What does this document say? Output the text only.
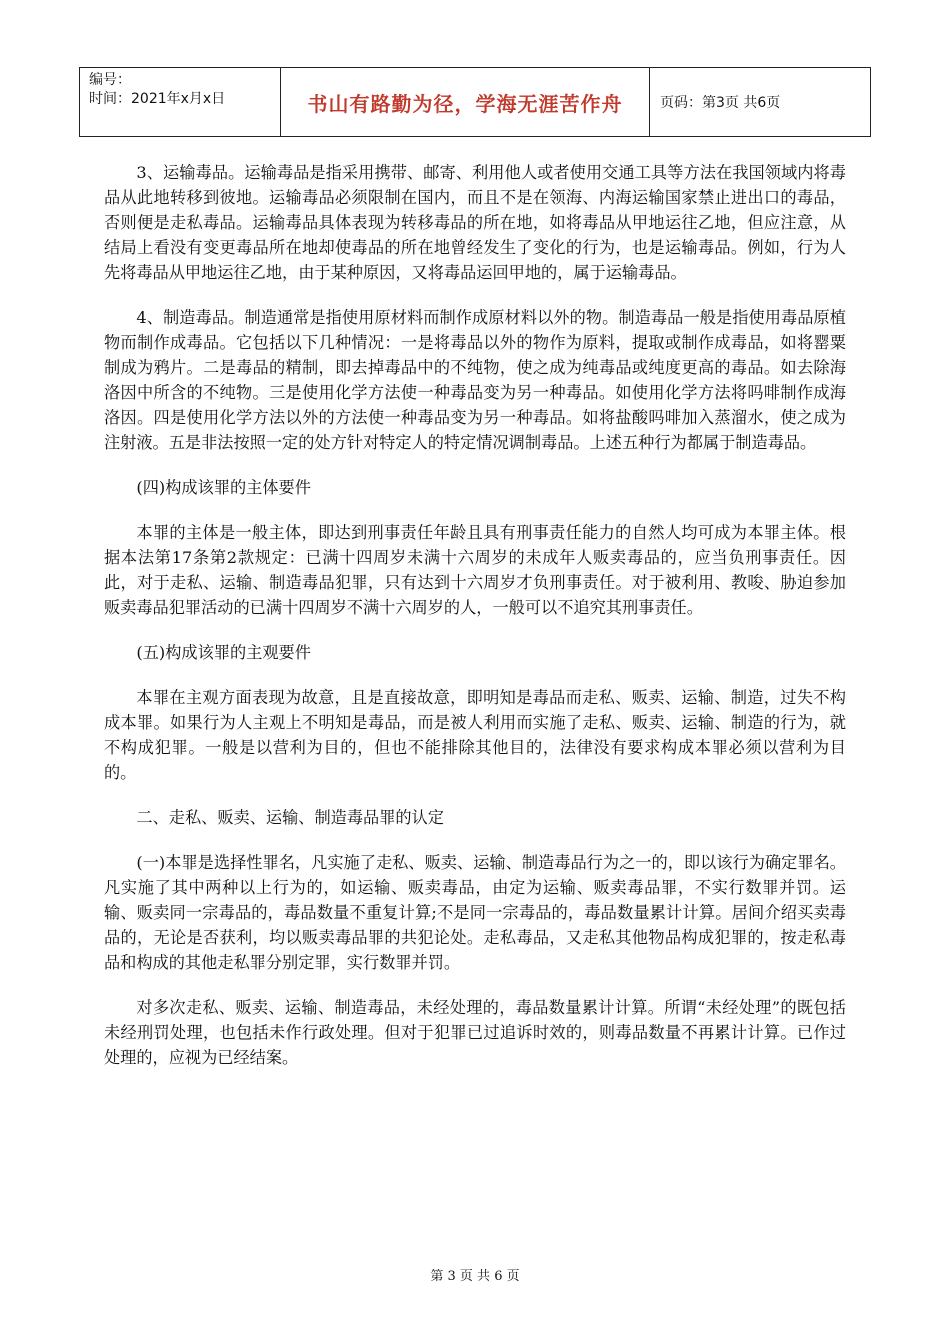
编号：
时间：2021年x月x日	书山有路勤为径，学海无涯苦作舟	页码：第3页 共6页

3、运输毒品。运输毒品是指采用携带、邮寄、利用他人或者使用交通工具等方法在我国领域内将毒品从此地转移到彼地。运输毒品必须限制在国内，而且不是在领海、内海运输国家禁止进出口的毒品，否则便是走私毒品。运输毒品具体表现为转移毒品的所在地，如将毒品从甲地运往乙地，但应注意，从结局上看没有变更毒品所在地却使毒品的所在地曾经发生了变化的行为，也是运输毒品。例如，行为人先将毒品从甲地运往乙地，由于某种原因，又将毒品运回甲地的，属于运输毒品。

4、制造毒品。制造通常是指使用原材料而制作成原材料以外的物。制造毒品一般是指使用毒品原植物而制作成毒品。它包括以下几种情况：一是将毒品以外的物作为原料，提取或制作成毒品，如将罂粟制成为鸦片。二是毒品的精制，即去掉毒品中的不纯物，使之成为纯毒品或纯度更高的毒品。如去除海洛因中所含的不纯物。三是使用化学方法使一种毒品变为另一种毒品。如使用化学方法将吗啡制作成海洛因。四是使用化学方法以外的方法使一种毒品变为另一种毒品。如将盐酸吗啡加入蒸溜水，使之成为注射液。五是非法按照一定的处方针对特定人的特定情况调制毒品。上述五种行为都属于制造毒品。

(四)构成该罪的主体要件

本罪的主体是一般主体，即达到刑事责任年龄且具有刑事责任能力的自然人均可成为本罪主体。根据本法第17条第2款规定：已满十四周岁未满十六周岁的未成年人贩卖毒品的，应当负刑事责任。因此，对于走私、运输、制造毒品犯罪，只有达到十六周岁才负刑事责任。对于被利用、教唆、胁迫参加贩卖毒品犯罪活动的已满十四周岁不满十六周岁的人，一般可以不追究其刑事责任。

(五)构成该罪的主观要件

本罪在主观方面表现为故意，且是直接故意，即明知是毒品而走私、贩卖、运输、制造，过失不构成本罪。如果行为人主观上不明知是毒品，而是被人利用而实施了走私、贩卖、运输、制造的行为，就不构成犯罪。一般是以营利为目的，但也不能排除其他目的，法律没有要求构成本罪必须以营利为目的。

二、走私、贩卖、运输、制造毒品罪的认定

(一)本罪是选择性罪名，凡实施了走私、贩卖、运输、制造毒品行为之一的，即以该行为确定罪名。凡实施了其中两种以上行为的，如运输、贩卖毒品，由定为运输、贩卖毒品罪，不实行数罪并罚。运输、贩卖同一宗毒品的，毒品数量不重复计算;不是同一宗毒品的，毒品数量累计计算。居间介绍买卖毒品的，无论是否获利，均以贩卖毒品罪的共犯论处。走私毒品，又走私其他物品构成犯罪的，按走私毒品和构成的其他走私罪分别定罪，实行数罪并罚。

对多次走私、贩卖、运输、制造毒品，未经处理的，毒品数量累计计算。所谓“未经处理”的既包括未经刑罚处理，也包括未作行政处理。但对于犯罪已过追诉时效的，则毒品数量不再累计计算。已作过处理的，应视为已经结案。

第 3 页 共 6 页
